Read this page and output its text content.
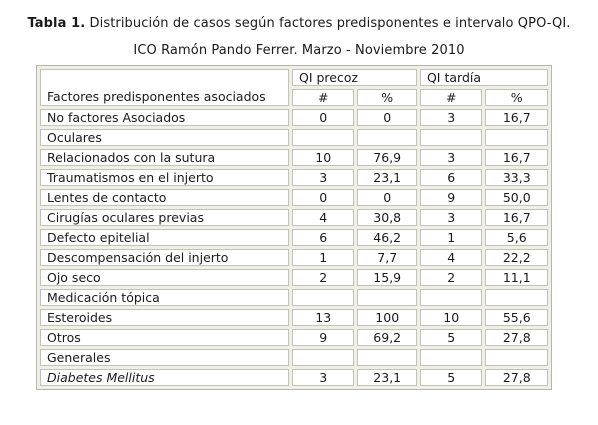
Tabla 1. Distribución de casos según factores predisponentes e intervalo QPO-QI.
ICO Ramón Pando Ferrer. Marzo - Noviembre 2010
Factores predisponentes asociados	QI precoz		QI tardía	
	#	%	#	%
No factores Asociados	0	0	3	16,7
Oculares				
Relacionados con la sutura	10	76,9	3	16,7
Traumatismos en el injerto	3	23,1	6	33,3
Lentes de contacto	0	0	9	50,0
Cirugías oculares previas	4	30,8	3	16,7
Defecto epitelial	6	46,2	1	5,6
Descompensación del injerto	1	7,7	4	22,2
Ojo seco	2	15,9	2	11,1
Medicación tópica				
Esteroides	13	100	10	55,6
Otros	9	69,2	5	27,8
Generales				
Diabetes Mellitus	3	23,1	5	27,8
